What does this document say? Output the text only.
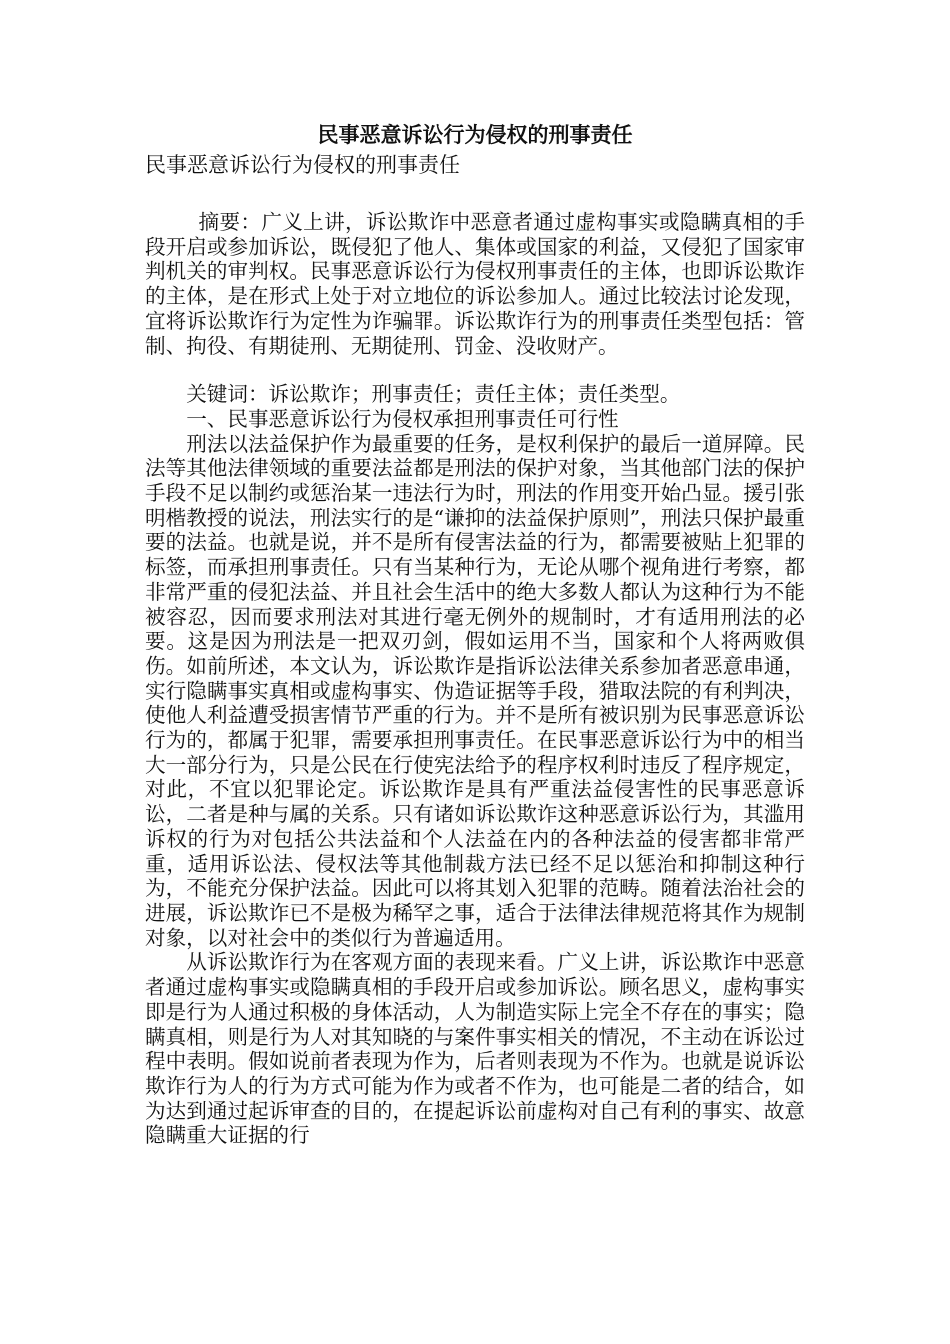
民事恶意诉讼行为侵权的刑事责任
民事恶意诉讼行为侵权的刑事责任

摘要：广义上讲，诉讼欺诈中恶意者通过虚构事实或隐瞒真相的手段开启或参加诉讼，既侵犯了他人、集体或国家的利益，又侵犯了国家审判机关的审判权。民事恶意诉讼行为侵权刑事责任的主体，也即诉讼欺诈的主体，是在形式上处于对立地位的诉讼参加人。通过比较法讨论发现，宜将诉讼欺诈行为定性为诈骗罪。诉讼欺诈行为的刑事责任类型包括：管制、拘役、有期徒刑、无期徒刑、罚金、没收财产。

关键词：诉讼欺诈；刑事责任；责任主体；责任类型。

一、民事恶意诉讼行为侵权承担刑事责任可行性

刑法以法益保护作为最重要的任务，是权利保护的最后一道屏障。民法等其他法律领域的重要法益都是刑法的保护对象，当其他部门法的保护手段不足以制约或惩治某一违法行为时，刑法的作用变开始凸显。援引张明楷教授的说法，刑法实行的是“谦抑的法益保护原则”，刑法只保护最重要的法益。也就是说，并不是所有侵害法益的行为，都需要被贴上犯罪的标签，而承担刑事责任。只有当某种行为，无论从哪个视角进行考察，都非常严重的侵犯法益、并且社会生活中的绝大多数人都认为这种行为不能被容忍，因而要求刑法对其进行毫无例外的规制时，才有适用刑法的必要。这是因为刑法是一把双刃剑，假如运用不当，国家和个人将两败俱伤。如前所述，本文认为，诉讼欺诈是指诉讼法律关系参加者恶意串通，实行隐瞒事实真相或虚构事实、伪造证据等手段，猎取法院的有利判决，使他人利益遭受损害情节严重的行为。并不是所有被识别为民事恶意诉讼行为的，都属于犯罪，需要承担刑事责任。在民事恶意诉讼行为中的相当大一部分行为，只是公民在行使宪法给予的程序权利时违反了程序规定，对此，不宜以犯罪论定。诉讼欺诈是具有严重法益侵害性的民事恶意诉讼，二者是种与属的关系。只有诸如诉讼欺诈这种恶意诉讼行为，其滥用诉权的行为对包括公共法益和个人法益在内的各种法益的侵害都非常严重，适用诉讼法、侵权法等其他制裁方法已经不足以惩治和抑制这种行为，不能充分保护法益。因此可以将其划入犯罪的范畴。随着法治社会的进展，诉讼欺诈已不是极为稀罕之事，适合于法律法律规范将其作为规制对象，以对社会中的类似行为普遍适用。

从诉讼欺诈行为在客观方面的表现来看。广义上讲，诉讼欺诈中恶意者通过虚构事实或隐瞒真相的手段开启或参加诉讼。顾名思义，虚构事实即是行为人通过积极的身体活动，人为制造实际上完全不存在的事实；隐瞒真相，则是行为人对其知晓的与案件事实相关的情况，不主动在诉讼过程中表明。假如说前者表现为作为，后者则表现为不作为。也就是说诉讼欺诈行为人的行为方式可能为作为或者不作为，也可能是二者的结合，如为达到通过起诉审查的目的，在提起诉讼前虚构对自己有利的事实、故意隐瞒重大证据的行
